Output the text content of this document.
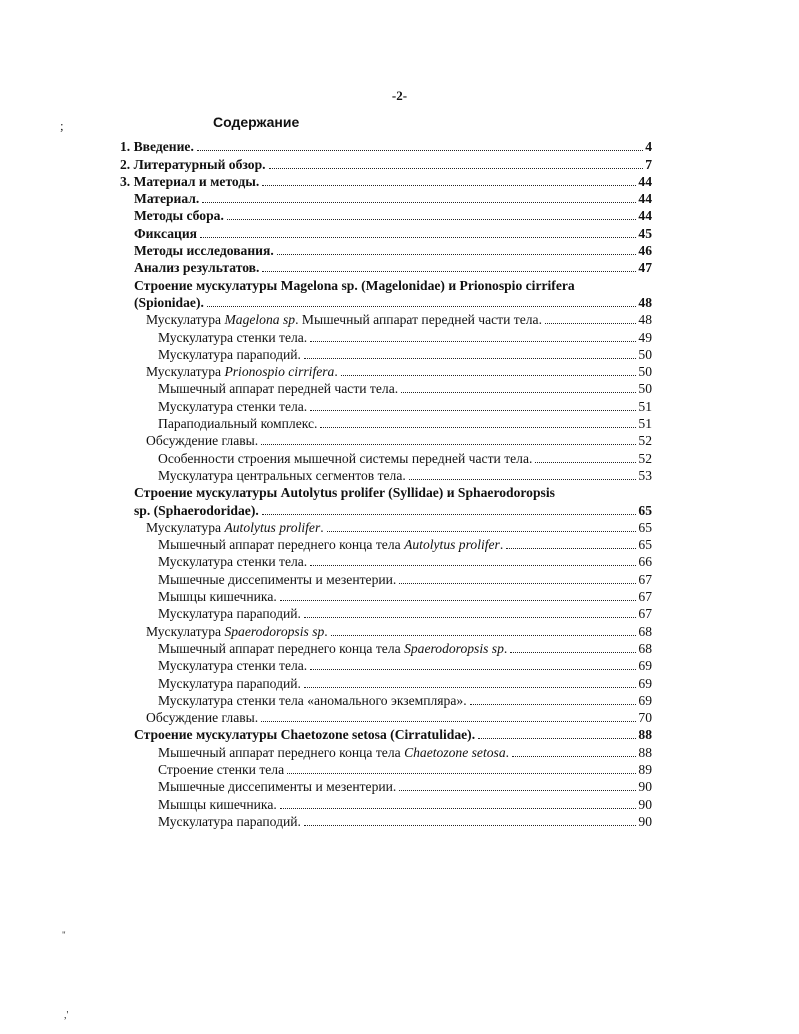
-2-
Содержание
;
"
,'
1. Введение.	4
2. Литературный обзор.	7
3. Материал и методы.	44
Материал.	44
Методы сбора.	44
Фиксация	45
Методы исследования.	46
Анализ результатов.	47
Строение мускулатуры Magelona sp. (Magelonidae) и Prionospio cirrifera
(Spionidae).	48
Мускулатура Magelona sp. Мышечный аппарат передней части тела.	48
Мускулатура стенки тела.	49
Мускулатура параподий.	50
Мускулатура Prionospio cirrifera.	50
Мышечный аппарат передней части тела.	50
Мускулатура стенки тела.	51
Параподиальный комплекс.	51
Обсуждение главы.	52
Особенности строения мышечной системы передней части тела.	52
Мускулатура центральных сегментов тела.	53
Строение мускулатуры Autolytus prolifer (Syllidae) и Sphaerodoropsis
sp. (Sphaerodoridae).	65
Мускулатура Autolytus prolifer.	65
Мышечный аппарат переднего конца тела Autolytus prolifer.	65
Мускулатура стенки тела.	66
Мышечные диссепименты и мезентерии.	67
Мышцы кишечника.	67
Мускулатура параподий.	67
Мускулатура Spaerodoropsis sp.	68
Мышечный аппарат переднего конца тела Spaerodoropsis sp.	68
Мускулатура стенки тела.	69
Мускулатура параподий.	69
Мускулатура стенки тела «аномального экземпляра».	69
Обсуждение главы.	70
Строение мускулатуры Chaetozone setosa (Cirratulidae).	88
Мышечный аппарат переднего конца тела Chaetozone setosa.	88
Строение стенки тела	89
Мышечные диссепименты и мезентерии.	90
Мышцы кишечника.	90
Мускулатура параподий.	90
